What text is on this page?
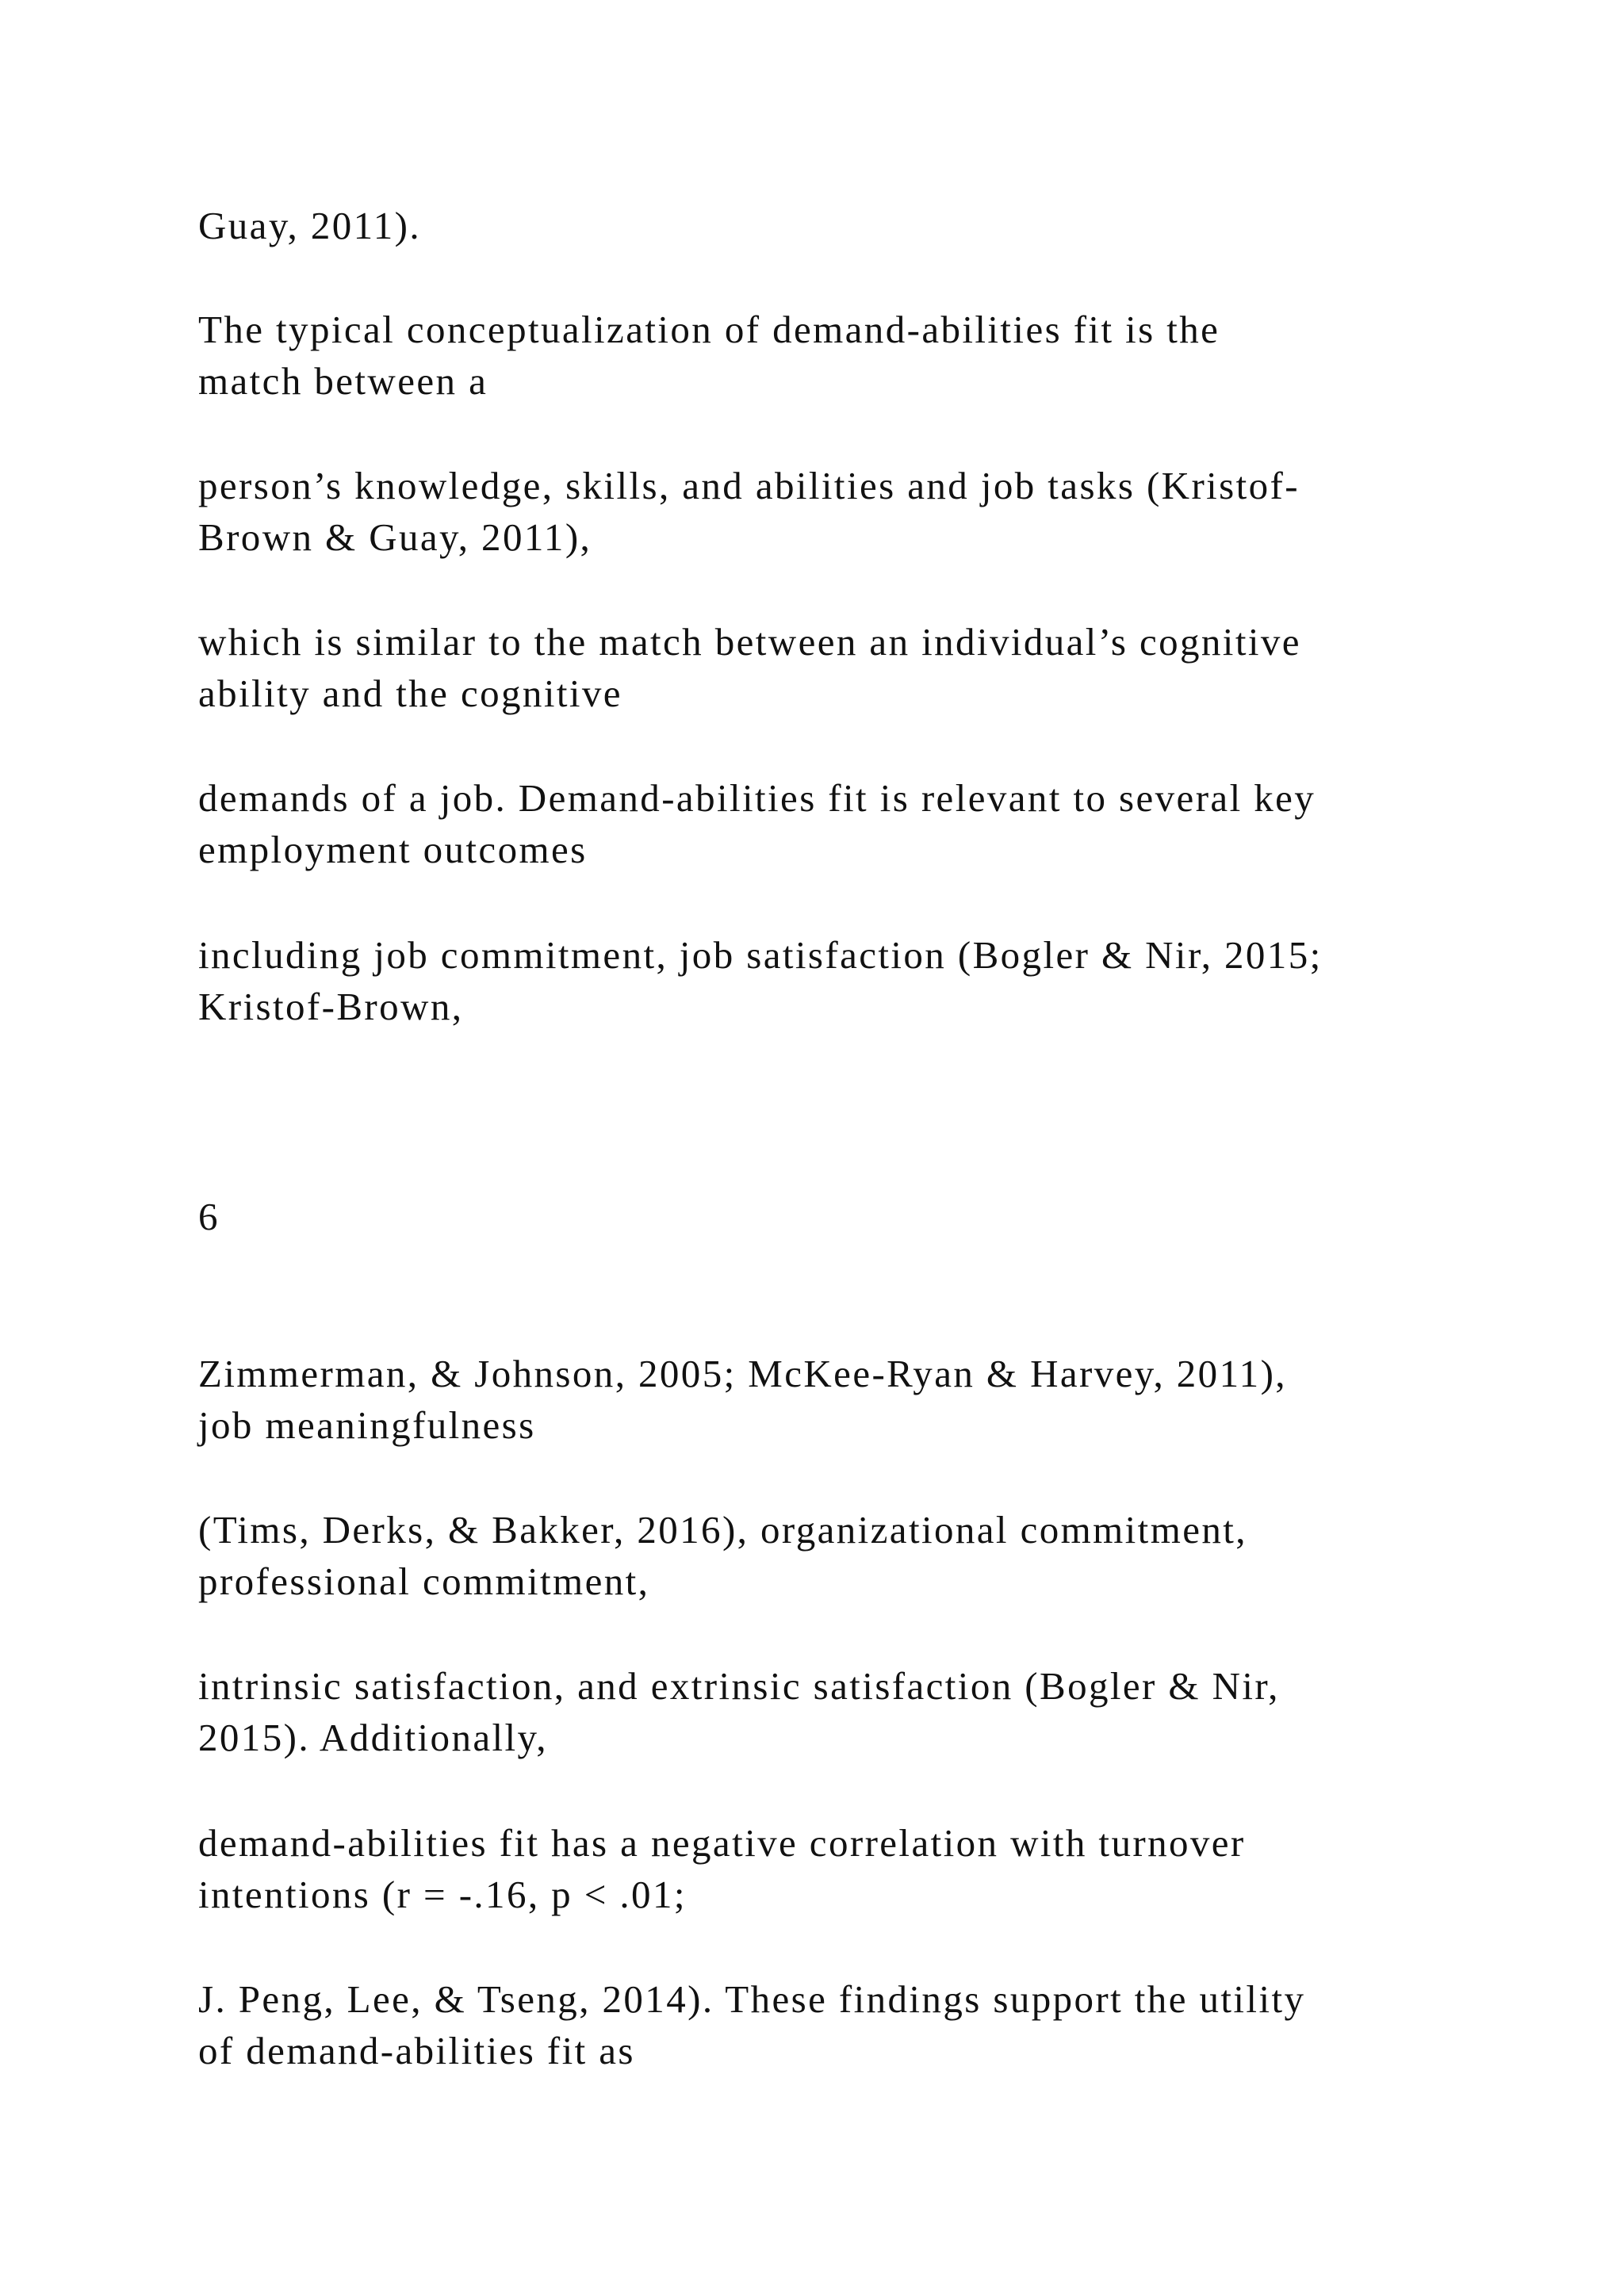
Guay, 2011).

The typical conceptualization of demand-abilities fit is the
match between a

person’s knowledge, skills, and abilities and job tasks (Kristof-
Brown & Guay, 2011),

which is similar to the match between an individual’s cognitive
ability and the cognitive

demands of a job. Demand-abilities fit is relevant to several key
employment outcomes

including job commitment, job satisfaction (Bogler & Nir, 2015;
Kristof-Brown,

6

Zimmerman, & Johnson, 2005; McKee-Ryan & Harvey, 2011),
job meaningfulness

(Tims, Derks, & Bakker, 2016), organizational commitment,
professional commitment,

intrinsic satisfaction, and extrinsic satisfaction (Bogler & Nir,
2015). Additionally,

demand-abilities fit has a negative correlation with turnover
intentions (r = -.16, p < .01;

J. Peng, Lee, & Tseng, 2014). These findings support the utility
of demand-abilities fit as
